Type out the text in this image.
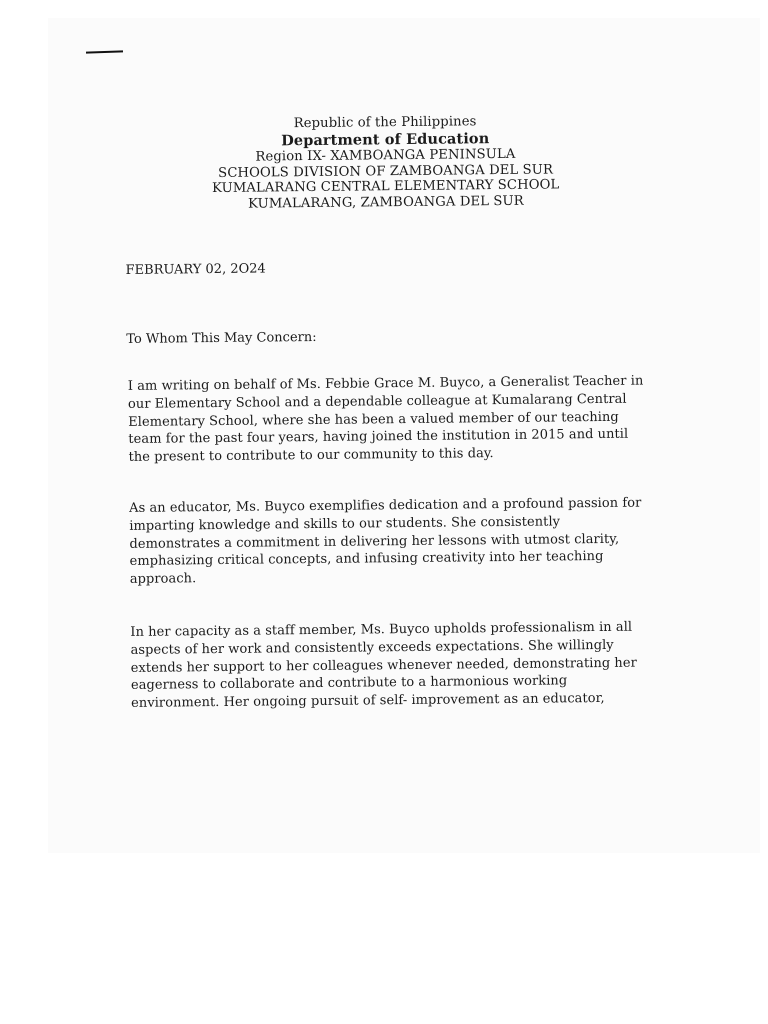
Republic of the Philippines
Department of Education
Region IX- XAMBOANGA PENINSULA
SCHOOLS DIVISION OF ZAMBOANGA DEL SUR
KUMALARANG CENTRAL ELEMENTARY SCHOOL
KUMALARANG, ZAMBOANGA DEL SUR
FEBRUARY 02, 2O24
To Whom This May Concern:
I am writing on behalf of Ms. Febbie Grace M. Buyco, a Generalist Teacher in our Elementary School and a dependable colleague at Kumalarang Central Elementary School, where she has been a valued member of our teaching team for the past four years, having joined the institution in 2015 and until the present to contribute to our community to this day.
As an educator, Ms. Buyco exemplifies dedication and a profound passion for imparting knowledge and skills to our students. She consistently demonstrates a commitment in delivering her lessons with utmost clarity, emphasizing critical concepts, and infusing creativity into her teaching approach.
In her capacity as a staff member, Ms. Buyco upholds professionalism in all aspects of her work and consistently exceeds expectations. She willingly extends her support to her colleagues whenever needed, demonstrating her eagerness to collaborate and contribute to a harmonious working environment. Her ongoing pursuit of self- improvement as an educator,
